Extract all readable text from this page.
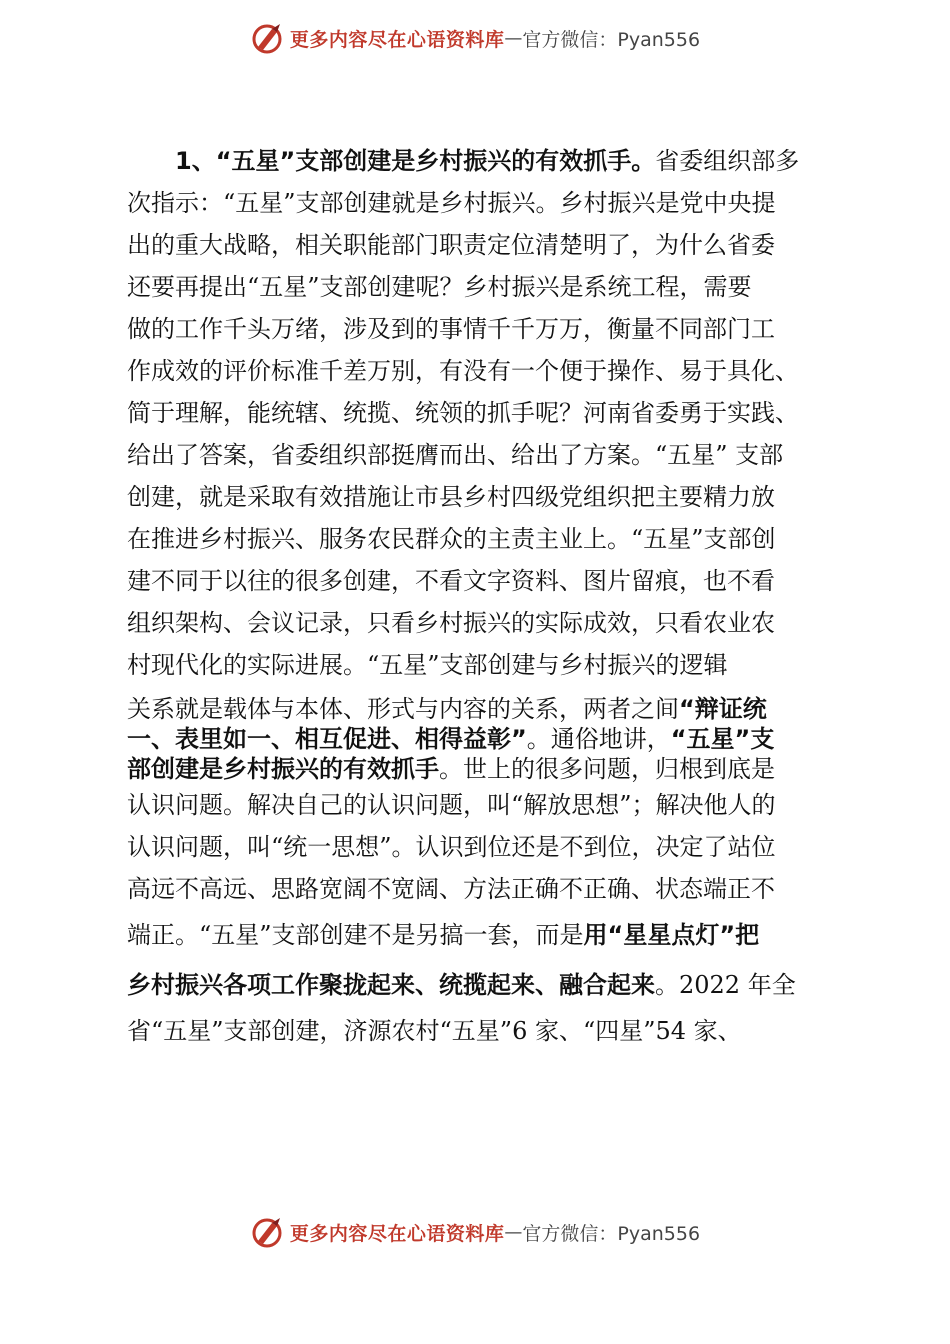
更多内容尽在心语资料库 — 官方微信：Pyan556
1、“五星”支部创建是乡村振兴的有效抓手。省委组织部多
次指示：“五星”支部创建就是乡村振兴。乡村振兴是党中央提
出的重大战略，相关职能部门职责定位清楚明了，为什么省委
还要再提出“五星”支部创建呢？乡村振兴是系统工程，需要
做的工作千头万绪，涉及到的事情千千万万，衡量不同部门工
作成效的评价标准千差万别，有没有一个便于操作、易于具化、
简于理解，能统辖、统揽、统领的抓手呢？河南省委勇于实践、
给出了答案，省委组织部挺膺而出、给出了方案。“五星” 支部
创建，就是采取有效措施让市县乡村四级党组织把主要精力放
在推进乡村振兴、服务农民群众的主责主业上。“五星”支部创
建不同于以往的很多创建，不看文字资料、图片留痕，也不看
组织架构、会议记录，只看乡村振兴的实际成效，只看农业农
村现代化的实际进展。“五星”支部创建与乡村振兴的逻辑
关系就是载体与本体、形式与内容的关系，两者之间“辩证统
一、表里如一、相互促进、相得益彰”。通俗地讲，“五星”支
部创建是乡村振兴的有效抓手。世上的很多问题，归根到底是
认识问题。解决自己的认识问题，叫“解放思想”；解决他人的
认识问题，叫“统一思想”。认识到位还是不到位，决定了站位
高远不高远、思路宽阔不宽阔、方法正确不正确、状态端正不
端正。“五星”支部创建不是另搞一套，而是用“星星点灯”把
乡村振兴各项工作聚拢起来、统揽起来、融合起来。2022 年全
省“五星”支部创建，济源农村“五星”6 家、“四星”54 家、
更多内容尽在心语资料库 — 官方微信：Pyan556
